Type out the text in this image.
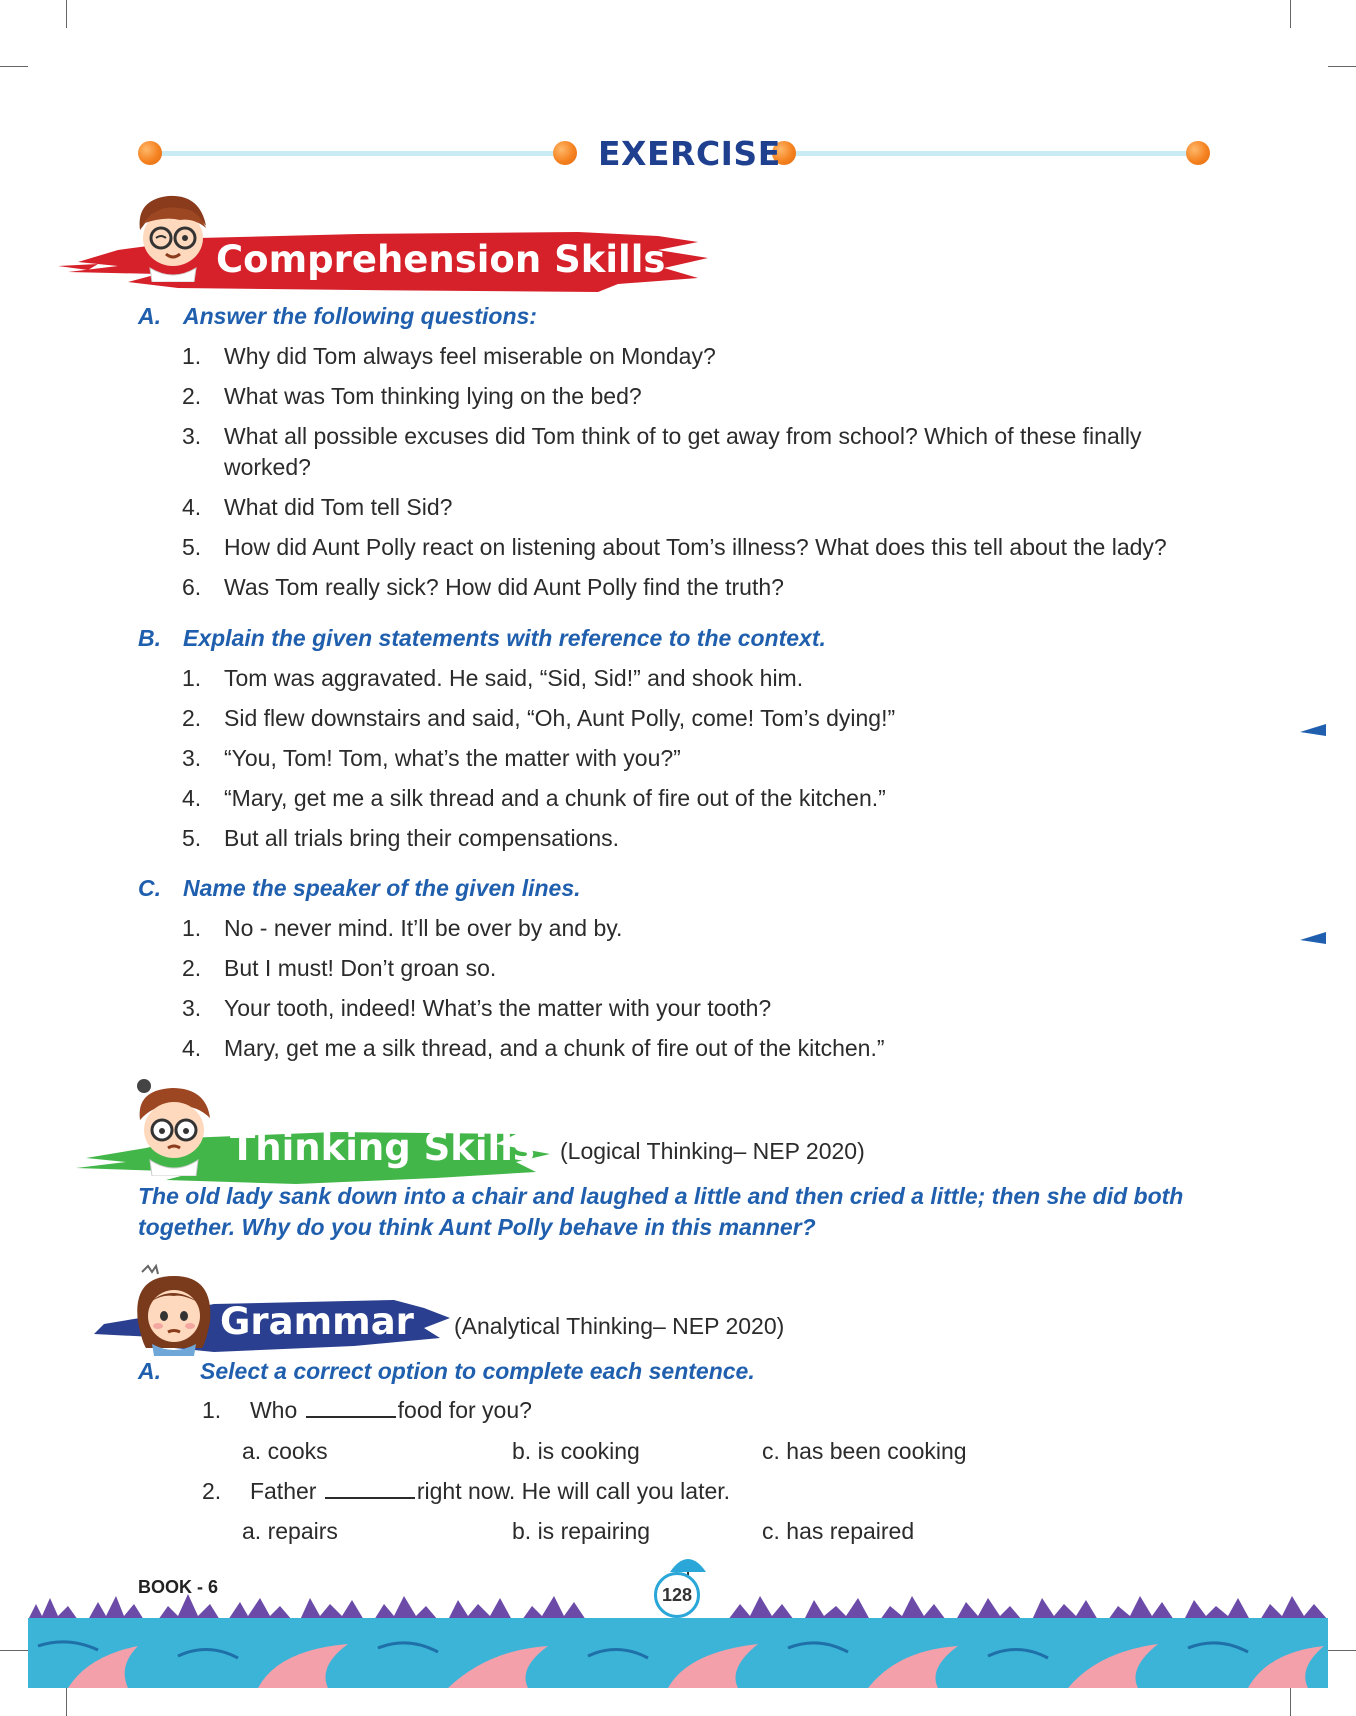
EXERCISE
Comprehension Skills
A. Answer the following questions:
1. Why did Tom always feel miserable on Monday?
2. What was Tom thinking lying on the bed?
3. What all possible excuses did Tom think of to get away from school? Which of these finally worked?
4. What did Tom tell Sid?
5. How did Aunt Polly react on listening about Tom’s illness? What does this tell about the lady?
6. Was Tom really sick? How did Aunt Polly find the truth?
B. Explain the given statements with reference to the context.
1. Tom was aggravated. He said, “Sid, Sid!” and shook him.
2. Sid flew downstairs and said, “Oh, Aunt Polly, come! Tom’s dying!”
3. “You, Tom! Tom, what’s the matter with you?”
4. “Mary, get me a silk thread and a chunk of fire out of the kitchen.”
5. But all trials bring their compensations.
C. Name the speaker of the given lines.
1. No - never mind. It’ll be over by and by.
2. But I must! Don’t groan so.
3. Your tooth, indeed! What’s the matter with your tooth?
4. Mary, get me a silk thread, and a chunk of fire out of the kitchen.”
Thinking Skills (Logical Thinking– NEP 2020)
The old lady sank down into a chair and laughed a little and then cried a little; then she did both together. Why do you think Aunt Polly behave in this manner?
Grammar (Analytical Thinking– NEP 2020)
A. Select a correct option to complete each sentence.
1. Who	food for you?
a. cooks	b. is cooking	c. has been cooking
2. Father	right now. He will call you later.
a. repairs	b. is repairing	c. has repaired
BOOK - 6	128
